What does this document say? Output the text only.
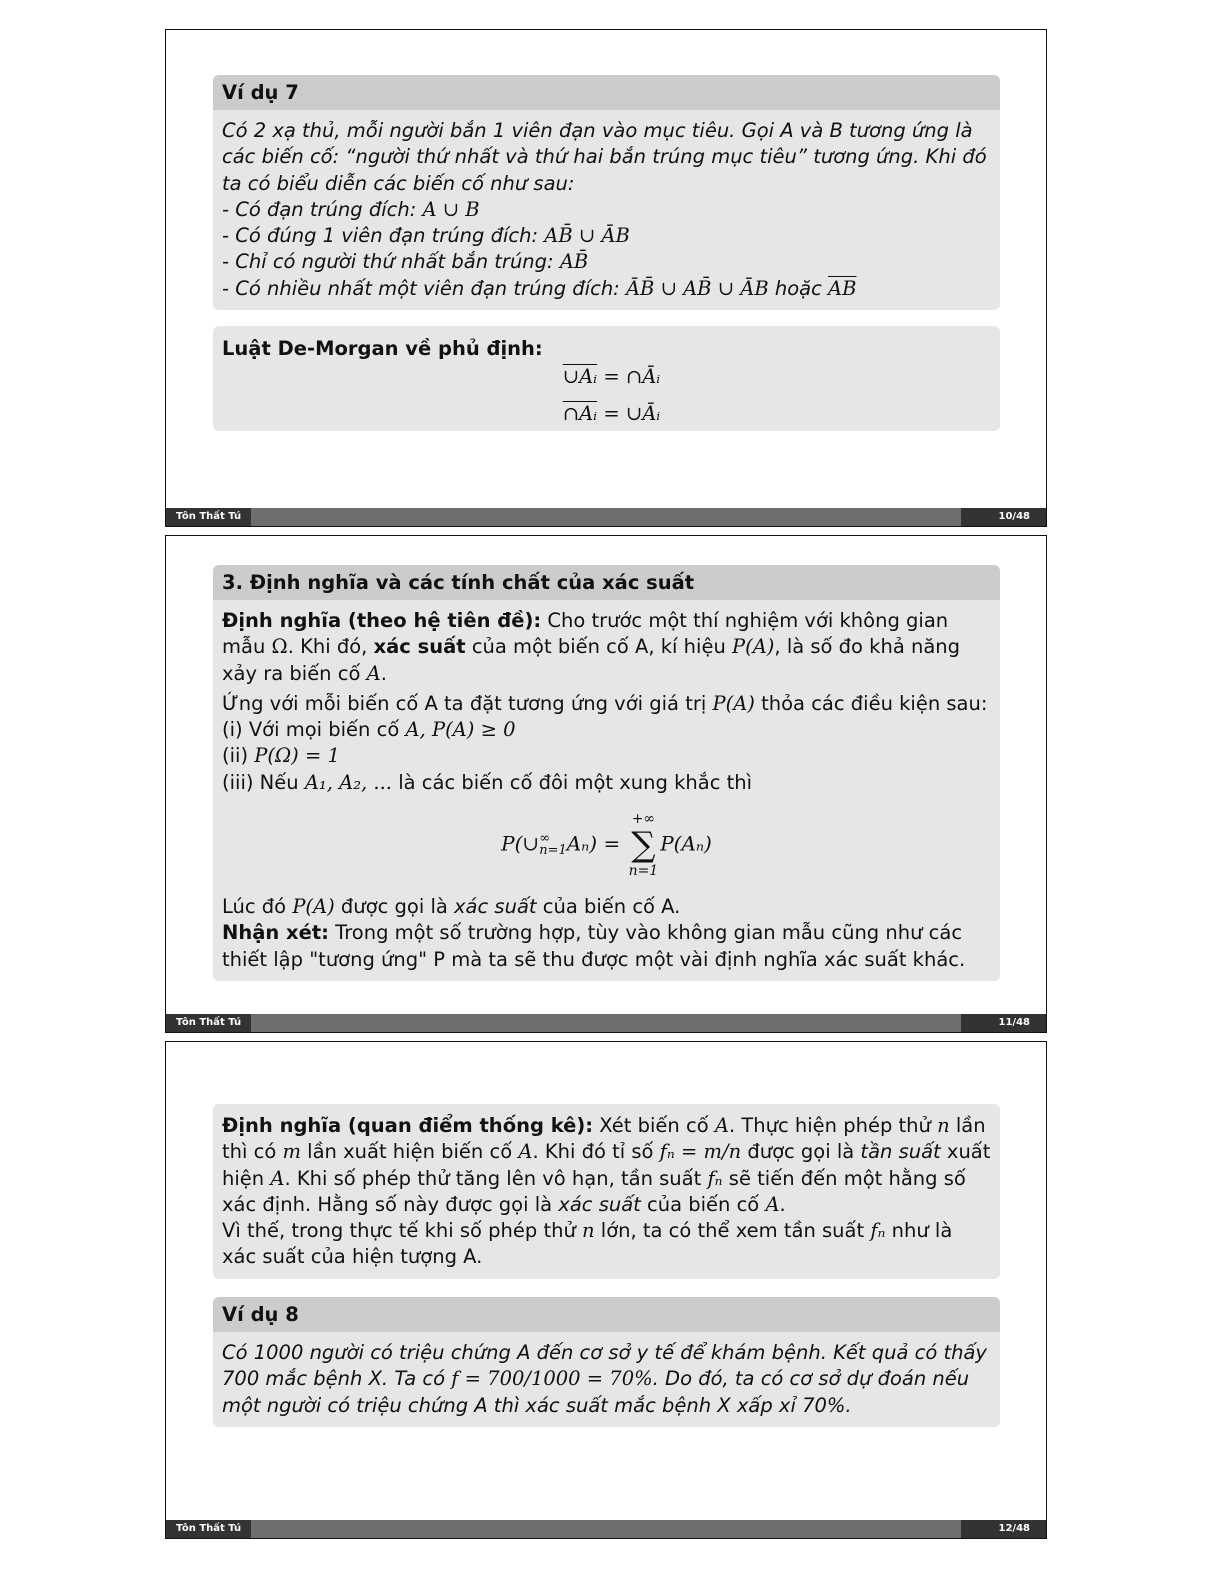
Ví dụ 7
Có 2 xạ thủ, mỗi người bắn 1 viên đạn vào mục tiêu. Gọi A và B tương ứng là các biến cố: “người thứ nhất và thứ hai bắn trúng mục tiêu” tương ứng. Khi đó ta có biểu diễn các biến cố như sau:
- Có đạn trúng đích: A ∪ B
- Có đúng 1 viên đạn trúng đích: AB̄ ∪ ĀB
- Chỉ có người thứ nhất bắn trúng: AB̄
- Có nhiều nhất một viên đạn trúng đích: ĀB̄ ∪ AB̄ ∪ ĀB hoặc $\overline{AB}$
Luật De-Morgan về phủ định:
∪Aᵢ = ∩Āᵢ
∩Aᵢ = ∪Āᵢ
Tôn Thất Tú	10/48
3. Định nghĩa và các tính chất của xác suất
Định nghĩa (theo hệ tiên đề): Cho trước một thí nghiệm với không gian mẫu Ω. Khi đó, xác suất của một biến cố A, kí hiệu P(A), là số đo khả năng xảy ra biến cố A.
Ứng với mỗi biến cố A ta đặt tương ứng với giá trị P(A) thỏa các điều kiện sau:
(i) Với mọi biến cố A, P(A) ≥ 0
(ii) P(Ω) = 1
(iii) Nếu A₁, A₂, ... là các biến cố đôi một xung khắc thì
P(∪ ∞
n=1 Aₙ) =
+∞
∑
n=1
P(Aₙ)
Lúc đó P(A) được gọi là xác suất của biến cố A.
Nhận xét: Trong một số trường hợp, tùy vào không gian mẫu cũng như các thiết lập "tương ứng" P mà ta sẽ thu được một vài định nghĩa xác suất khác.
Tôn Thất Tú	11/48
Định nghĩa (quan điểm thống kê): Xét biến cố A. Thực hiện phép thử n lần thì có m lần xuất hiện biến cố A. Khi đó tỉ số fₙ = m/n được gọi là tần suất xuất hiện A. Khi số phép thử tăng lên vô hạn, tần suất fₙ sẽ tiến đến một hằng số xác định. Hằng số này được gọi là xác suất của biến cố A.
Vì thế, trong thực tế khi số phép thử n lớn, ta có thể xem tần suất fₙ như là xác suất của hiện tượng A.
Ví dụ 8
Có 1000 người có triệu chứng A đến cơ sở y tế để khám bệnh. Kết quả có thấy 700 mắc bệnh X. Ta có f = 700/1000 = 70%. Do đó, ta có cơ sở dự đoán nếu một người có triệu chứng A thì xác suất mắc bệnh X xấp xỉ 70%.
Tôn Thất Tú	12/48
